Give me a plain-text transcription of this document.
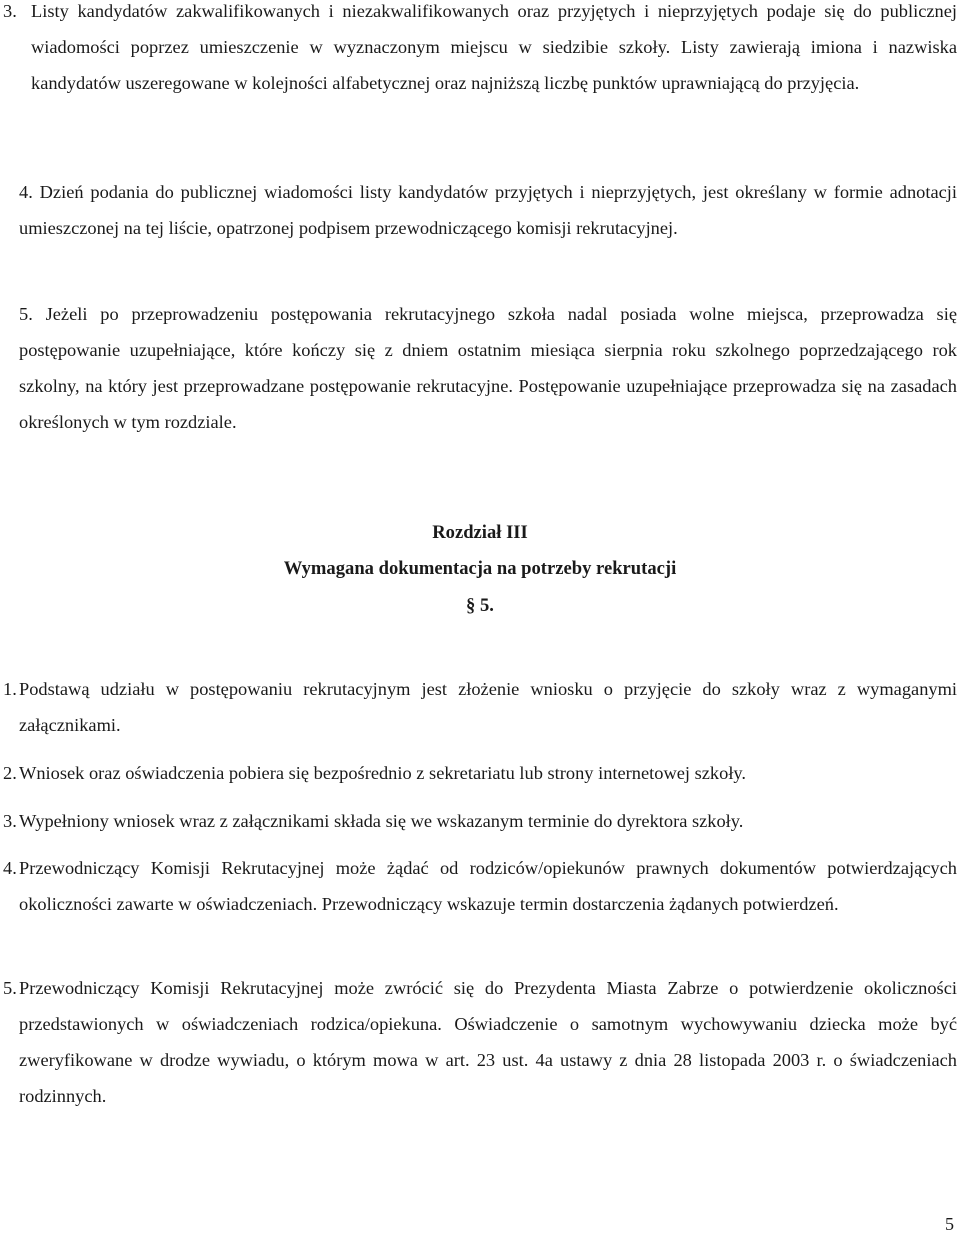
3. Listy kandydatów zakwalifikowanych i niezakwalifikowanych oraz przyjętych i nieprzyjętych podaje się do publicznej wiadomości poprzez umieszczenie w wyznaczonym miejscu w siedzibie szkoły. Listy zawierają imiona i nazwiska kandydatów uszeregowane w kolejności alfabetycznej oraz najniższą liczbę punktów uprawniającą do przyjęcia.

4. Dzień podania do publicznej wiadomości listy kandydatów przyjętych i nieprzyjętych, jest określany w formie adnotacji umieszczonej na tej liście, opatrzonej podpisem przewodniczącego komisji rekrutacyjnej.

5. Jeżeli po przeprowadzeniu postępowania rekrutacyjnego szkoła nadal posiada wolne miejsca, przeprowadza się postępowanie uzupełniające, które kończy się z dniem ostatnim miesiąca sierpnia roku szkolnego poprzedzającego rok szkolny, na który jest przeprowadzane postępowanie rekrutacyjne. Postępowanie uzupełniające przeprowadza się na zasadach określonych w tym rozdziale.

Rozdział III

Wymagana dokumentacja na potrzeby rekrutacji

§ 5.

1. Podstawą udziału w postępowaniu rekrutacyjnym jest złożenie wniosku o przyjęcie do szkoły wraz z wymaganymi załącznikami.

2. Wniosek oraz oświadczenia pobiera się bezpośrednio z sekretariatu lub strony internetowej szkoły.

3. Wypełniony wniosek wraz z załącznikami składa się we wskazanym terminie do dyrektora szkoły.

4. Przewodniczący Komisji Rekrutacyjnej może żądać od rodziców/opiekunów prawnych dokumentów potwierdzających okoliczności zawarte w oświadczeniach. Przewodniczący wskazuje termin dostarczenia żądanych potwierdzeń.

5. Przewodniczący Komisji Rekrutacyjnej może zwrócić się do Prezydenta Miasta Zabrze o potwierdzenie okoliczności przedstawionych w oświadczeniach rodzica/opiekuna. Oświadczenie o samotnym wychowywaniu dziecka może być zweryfikowane w drodze wywiadu, o którym mowa w art. 23 ust. 4a ustawy z dnia 28 listopada 2003 r. o świadczeniach rodzinnych.

5
